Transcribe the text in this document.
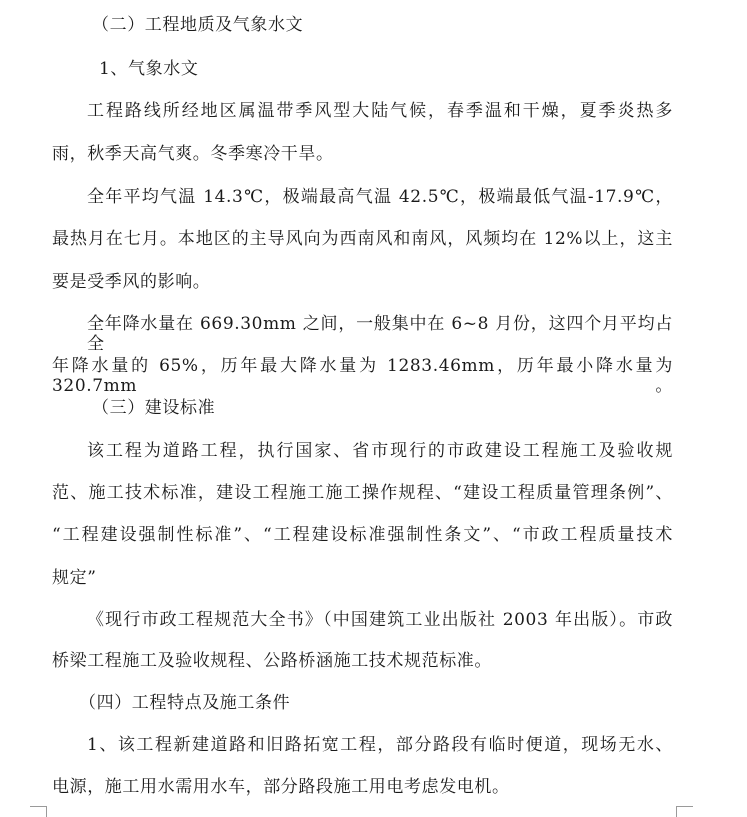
（二）工程地质及气象水文
1、气象水文
工程路线所经地区属温带季风型大陆气候，春季温和干燥，夏季炎热多
雨，秋季天高气爽。冬季寒冷干旱。
全年平均气温 14.3℃，极端最高气温 42.5℃，极端最低气温-17.9℃，
最热月在七月。本地区的主导风向为西南风和南风，风频均在 12%以上，这主
要是受季风的影响。
全年降水量在 669.30mm 之间，一般集中在 6~8 月份，这四个月平均占全
年降水量的 65%，历年最大降水量为 1283.46mm，历年最小降水量为 320.7mm。
（三）建设标准
该工程为道路工程，执行国家、省市现行的市政建设工程施工及验收规
范、施工技术标准，建设工程施工施工操作规程、“建设工程质量管理条例”、
“工程建设强制性标准”、“工程建设标准强制性条文”、“市政工程质量技术
规定”
《现行市政工程规范大全书》（中国建筑工业出版社 2003 年出版）。市政
桥梁工程施工及验收规程、公路桥涵施工技术规范标准。
（四）工程特点及施工条件
1、该工程新建道路和旧路拓宽工程，部分路段有临时便道，现场无水、
电源，施工用水需用水车，部分路段施工用电考虑发电机。
